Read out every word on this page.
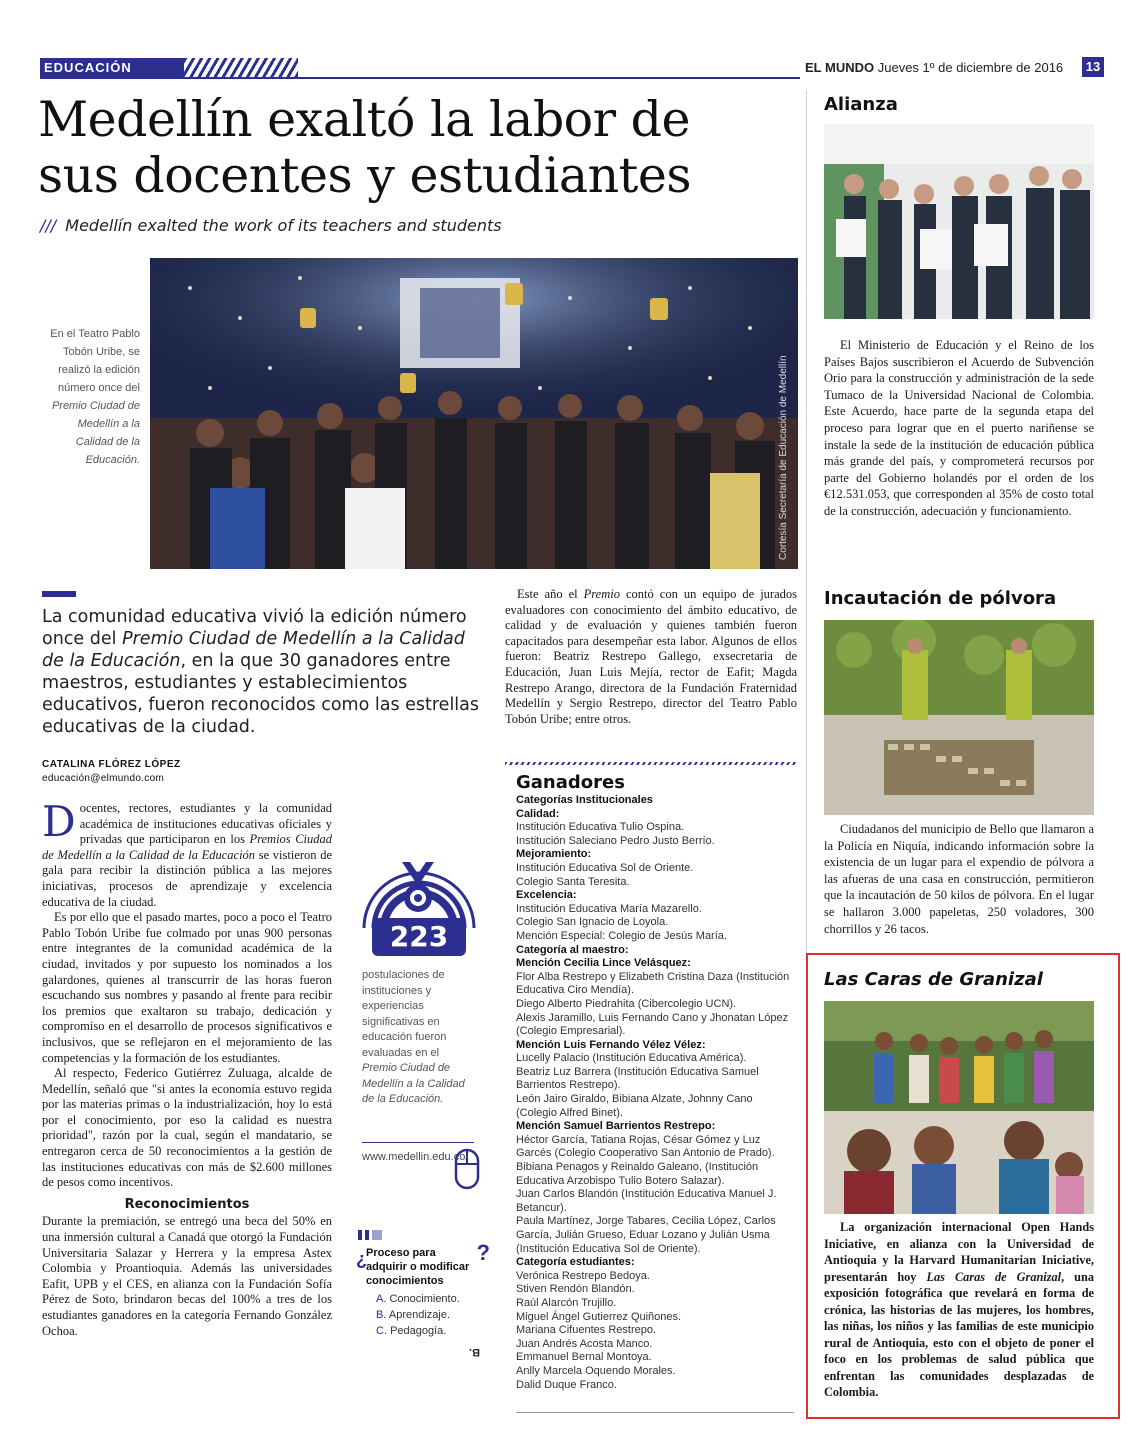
EDUCACIÓN	EL MUNDO Jueves 1º de diciembre de 2016 13
Medellín exaltó la labor de
sus docentes y estudiantes
/// Medellín exalted the work of its teachers and students
En el Teatro Pablo Tobón Uribe, se realizó la edición número once del Premio Ciudad de Medellín a la Calidad de la Educación.	Cortesía Secretaría de Educación de Medellín
La comunidad educativa vivió la edición número once del Premio Ciudad de Medellín a la Calidad de la Educación, en la que 30 ganadores entre maestros, estudiantes y establecimientos educativos, fueron reconocidos como las estrellas educativas de la ciudad.
CATALINA FLÓREZ LÓPEZ
educación@elmundo.com

Docentes, rectores, estudiantes y la comunidad académica de instituciones educativas oficiales y privadas que participaron en los Premios Ciudad de Medellín a la Calidad de la Educación se vistieron de gala para recibir la distinción pública a las mejores iniciativas, procesos de aprendizaje y excelencia educativa de la ciudad.

Es por ello que el pasado martes, poco a poco el Teatro Pablo Tobón Uribe fue colmado por unas 900 personas entre integrantes de la comunidad académica de la ciudad, invitados y por supuesto los nominados a los galardones, quienes al transcurrir de las horas fueron escuchando sus nombres y pasando al frente para recibir los premios que exaltaron su trabajo, dedicación y compromiso en el desarrollo de procesos significativos e inclusivos, que se reflejaron en el mejoramiento de las competencias y la formación de los estudiantes.

Al respecto, Federico Gutiérrez Zuluaga, alcalde de Medellín, señaló que "si antes la economía estuvo regida por las materias primas o la industrialización, hoy lo está por el conocimiento, por eso la calidad es nuestra prioridad", razón por la cual, según el mandatario, se entregaron cerca de 50 reconocimientos a la gestión de las instituciones educativas con más de $2.600 millones de pesos como incentivos.

Reconocimientos

Durante la premiación, se entregó una beca del 50% en una inmersión cultural a Canadá que otorgó la Fundación Universitaria Salazar y Herrera y la empresa Astex Colombia y Proantioquia. Además las universidades Eafit, UPB y el CES, en alianza con la Fundación Sofía Pérez de Soto, brindaron becas del 100% a tres de los estudiantes ganadores en la categoría Fernando González Ochoa.

223
postulaciones de instituciones y experiencias significativas en educación fueron evaluadas en el Premio Ciudad de Medellín a la Calidad de la Educación.
www.medellin.edu.co/
¿ Proceso para adquirir o modificar conocimientos
?
A. Conocimiento.
B. Aprendizaje.
C. Pedagogía.
B.

Este año el Premio contó con un equipo de jurados evaluadores con conocimiento del ámbito educativo, de calidad y de evaluación y quienes también fueron capacitados para desempeñar esta labor. Algunos de ellos fueron: Beatriz Restrepo Gallego, exsecretaria de Educación, Juan Luis Mejía, rector de Eafit; Magda Restrepo Arango, directora de la Fundación Fraternidad Medellín y Sergio Restrepo, director del Teatro Pablo Tobón Uribe; entre otros.

Ganadores
Categorías Institucionales
Calidad:
Institución Educativa Tulio Ospina.
Institución Saleciano Pedro Justo Berrío.
Mejoramiento:
Institución Educativa Sol de Oriente.
Colegio Santa Teresita.
Excelencia:
Institución Educativa María Mazarello.
Colegio San Ignacio de Loyola.
Mención Especial: Colegio de Jesús María.
Categoría al maestro:
Mención Cecilia Lince Velásquez:
Flor Alba Restrepo y Elizabeth Cristina Daza (Institución Educativa Ciro Mendía).
Diego Alberto Piedrahita (Cibercolegio UCN).
Alexis Jaramillo, Luis Fernando Cano y Jhonatan López (Colegio Empresarial).
Mención Luis Fernando Vélez Vélez:
Lucelly Palacio (Institución Educativa América).
Beatriz Luz Barrera (Institución Educativa Samuel Barrientos Restrepo).
León Jairo Giraldo, Bibiana Alzate, Johnny Cano (Colegio Alfred Binet).
Mención Samuel Barrientos Restrepo:
Héctor García, Tatiana Rojas, César Gómez y Luz Garcés (Colegio Cooperativo San Antonio de Prado).
Bibiana Penagos y Reinaldo Galeano, (Institución Educativa Arzobispo Tulio Botero Salazar).
Juan Carlos Blandón (Institución Educativa Manuel J. Betancur).
Paula Martínez, Jorge Tabares, Cecilia López, Carlos García, Julián Grueso, Eduar Lozano y Julián Usma (Institución Educativa Sol de Oriente).
Categoría estudiantes:
Verónica Restrepo Bedoya.
Stiven Rendón Blandón.
Raúl Alarcón Trujillo.
Miguel Ángel Gutierrez Quiñones.
Mariana Cifuentes Restrepo.
Juan Andrés Acosta Manco.
Emmanuel Bernal Montoya.
Anlly Marcela Oquendo Morales.
Dalid Duque Franco.
Alianza

El Ministerio de Educación y el Reino de los Países Bajos suscribieron el Acuerdo de Subvención Orio para la construcción y administración de la sede Tumaco de la Universidad Nacional de Colombia. Este Acuerdo, hace parte de la segunda etapa del proceso para lograr que en el puerto nariñense se instale la sede de la institución de educación pública más grande del país, y comprometerá recursos por parte del Gobierno holandés por el orden de los €12.531.053, que corresponden al 35% de costo total de la construcción, adecuación y funcionamiento.

Incautación de pólvora

Ciudadanos del municipio de Bello que llamaron a la Policía en Niquía, indicando información sobre la existencia de un lugar para el expendio de pólvora a las afueras de una casa en construcción, permitieron que la incautación de 50 kilos de pólvora. En el lugar se hallaron 3.000 papeletas, 250 voladores, 300 chorrillos y 26 tacos.

Las Caras de Granizal

La organización internacional Open Hands Iniciative, en alianza con la Universidad de Antioquia y la Harvard Humanitarian Iniciative, presentarán hoy Las Caras de Granizal, una exposición fotográfica que revelará en forma de crónica, las historias de las mujeres, los hombres, las niñas, los niños y las familias de este municipio rural de Antioquia, esto con el objeto de poner el foco en los problemas de salud pública que enfrentan las comunidades desplazadas de Colombia.
